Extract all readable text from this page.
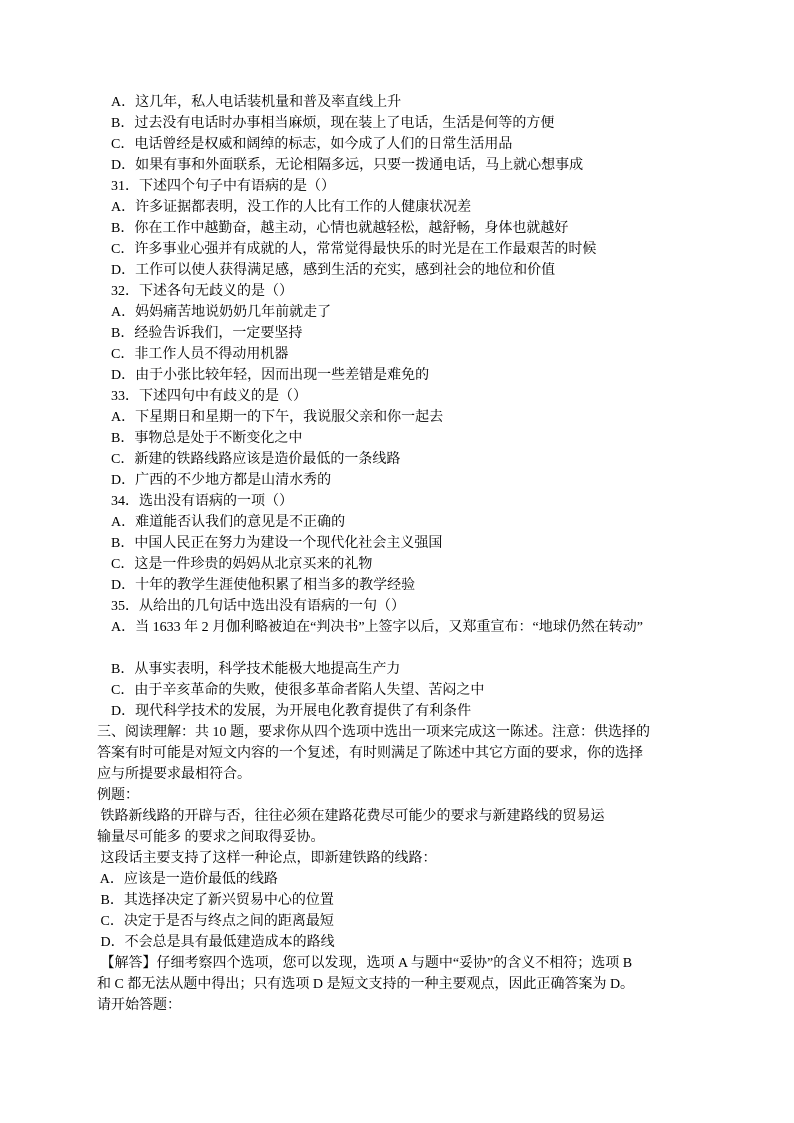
　A．这几年，私人电话装机量和普及率直线上升
　B．过去没有电话时办事相当麻烦，现在装上了电话，生活是何等的方便
　C．电话曾经是权威和阔绰的标志，如今成了人们的日常生活用品
　D．如果有事和外面联系，无论相隔多远，只要一拨通电话，马上就心想事成
　31．下述四个句子中有语病的是（）
　A．许多证据都表明，没工作的人比有工作的人健康状况差
　B．你在工作中越勤奋，越主动，心情也就越轻松，越舒畅，身体也就越好
　C．许多事业心强并有成就的人，常常觉得最快乐的时光是在工作最艰苦的时候
　D．工作可以使人获得满足感，感到生活的充实，感到社会的地位和价值
　32．下述各句无歧义的是（）
　A．妈妈痛苦地说奶奶几年前就走了
　B．经验告诉我们，一定要坚持
　C．非工作人员不得动用机器
　D．由于小张比较年轻，因而出现一些差错是难免的
　33．下述四句中有歧义的是（）
　A．下星期日和星期一的下午，我说服父亲和你一起去
　B．事物总是处于不断变化之中
　C．新建的铁路线路应该是造价最低的一条线路
　D．广西的不少地方都是山清水秀的
　34．选出没有语病的一项（）
　A．难道能否认我们的意见是不正确的
　B．中国人民正在努力为建设一个现代化社会主义强国
　C．这是一件珍贵的妈妈从北京买来的礼物
　D．十年的教学生涯使他积累了相当多的教学经验
　35．从给出的几句话中选出没有语病的一句（）
　A．当 1633 年 2 月伽利略被迫在“判决书”上签字以后，又郑重宣布：“地球仍然在转动”
　B．从事实表明，科学技术能极大地提高生产力
　C．由于辛亥革命的失败，使很多革命者陷人失望、苦闷之中
　D．现代科学技术的发展，为开展电化教育提供了有利条件
三、阅读理解：共 10 题，要求你从四个选项中选出一项来完成这一陈述。注意：供选择的
答案有时可能是对短文内容的一个复述，有时则满足了陈述中其它方面的要求，你的选择
应与所提要求最相符合。
例题：
铁路新线路的开辟与否，往往必须在建路花费尽可能少的要求与新建路线的贸易运
输量尽可能多 的要求之间取得妥协。
这段话主要支持了这样一种论点，即新建铁路的线路：
A．应该是一造价最低的线路
B．其选择决定了新兴贸易中心的位置
C．决定于是否与终点之间的距离最短
D．不会总是具有最低建造成本的路线
【解答】仔细考察四个选项，您可以发现，选项 A 与题中“妥协”的含义不相符；选项 B
和 C 都无法从题中得出；只有选项 D 是短文支持的一种主要观点，因此正确答案为 D。
请开始答题：
